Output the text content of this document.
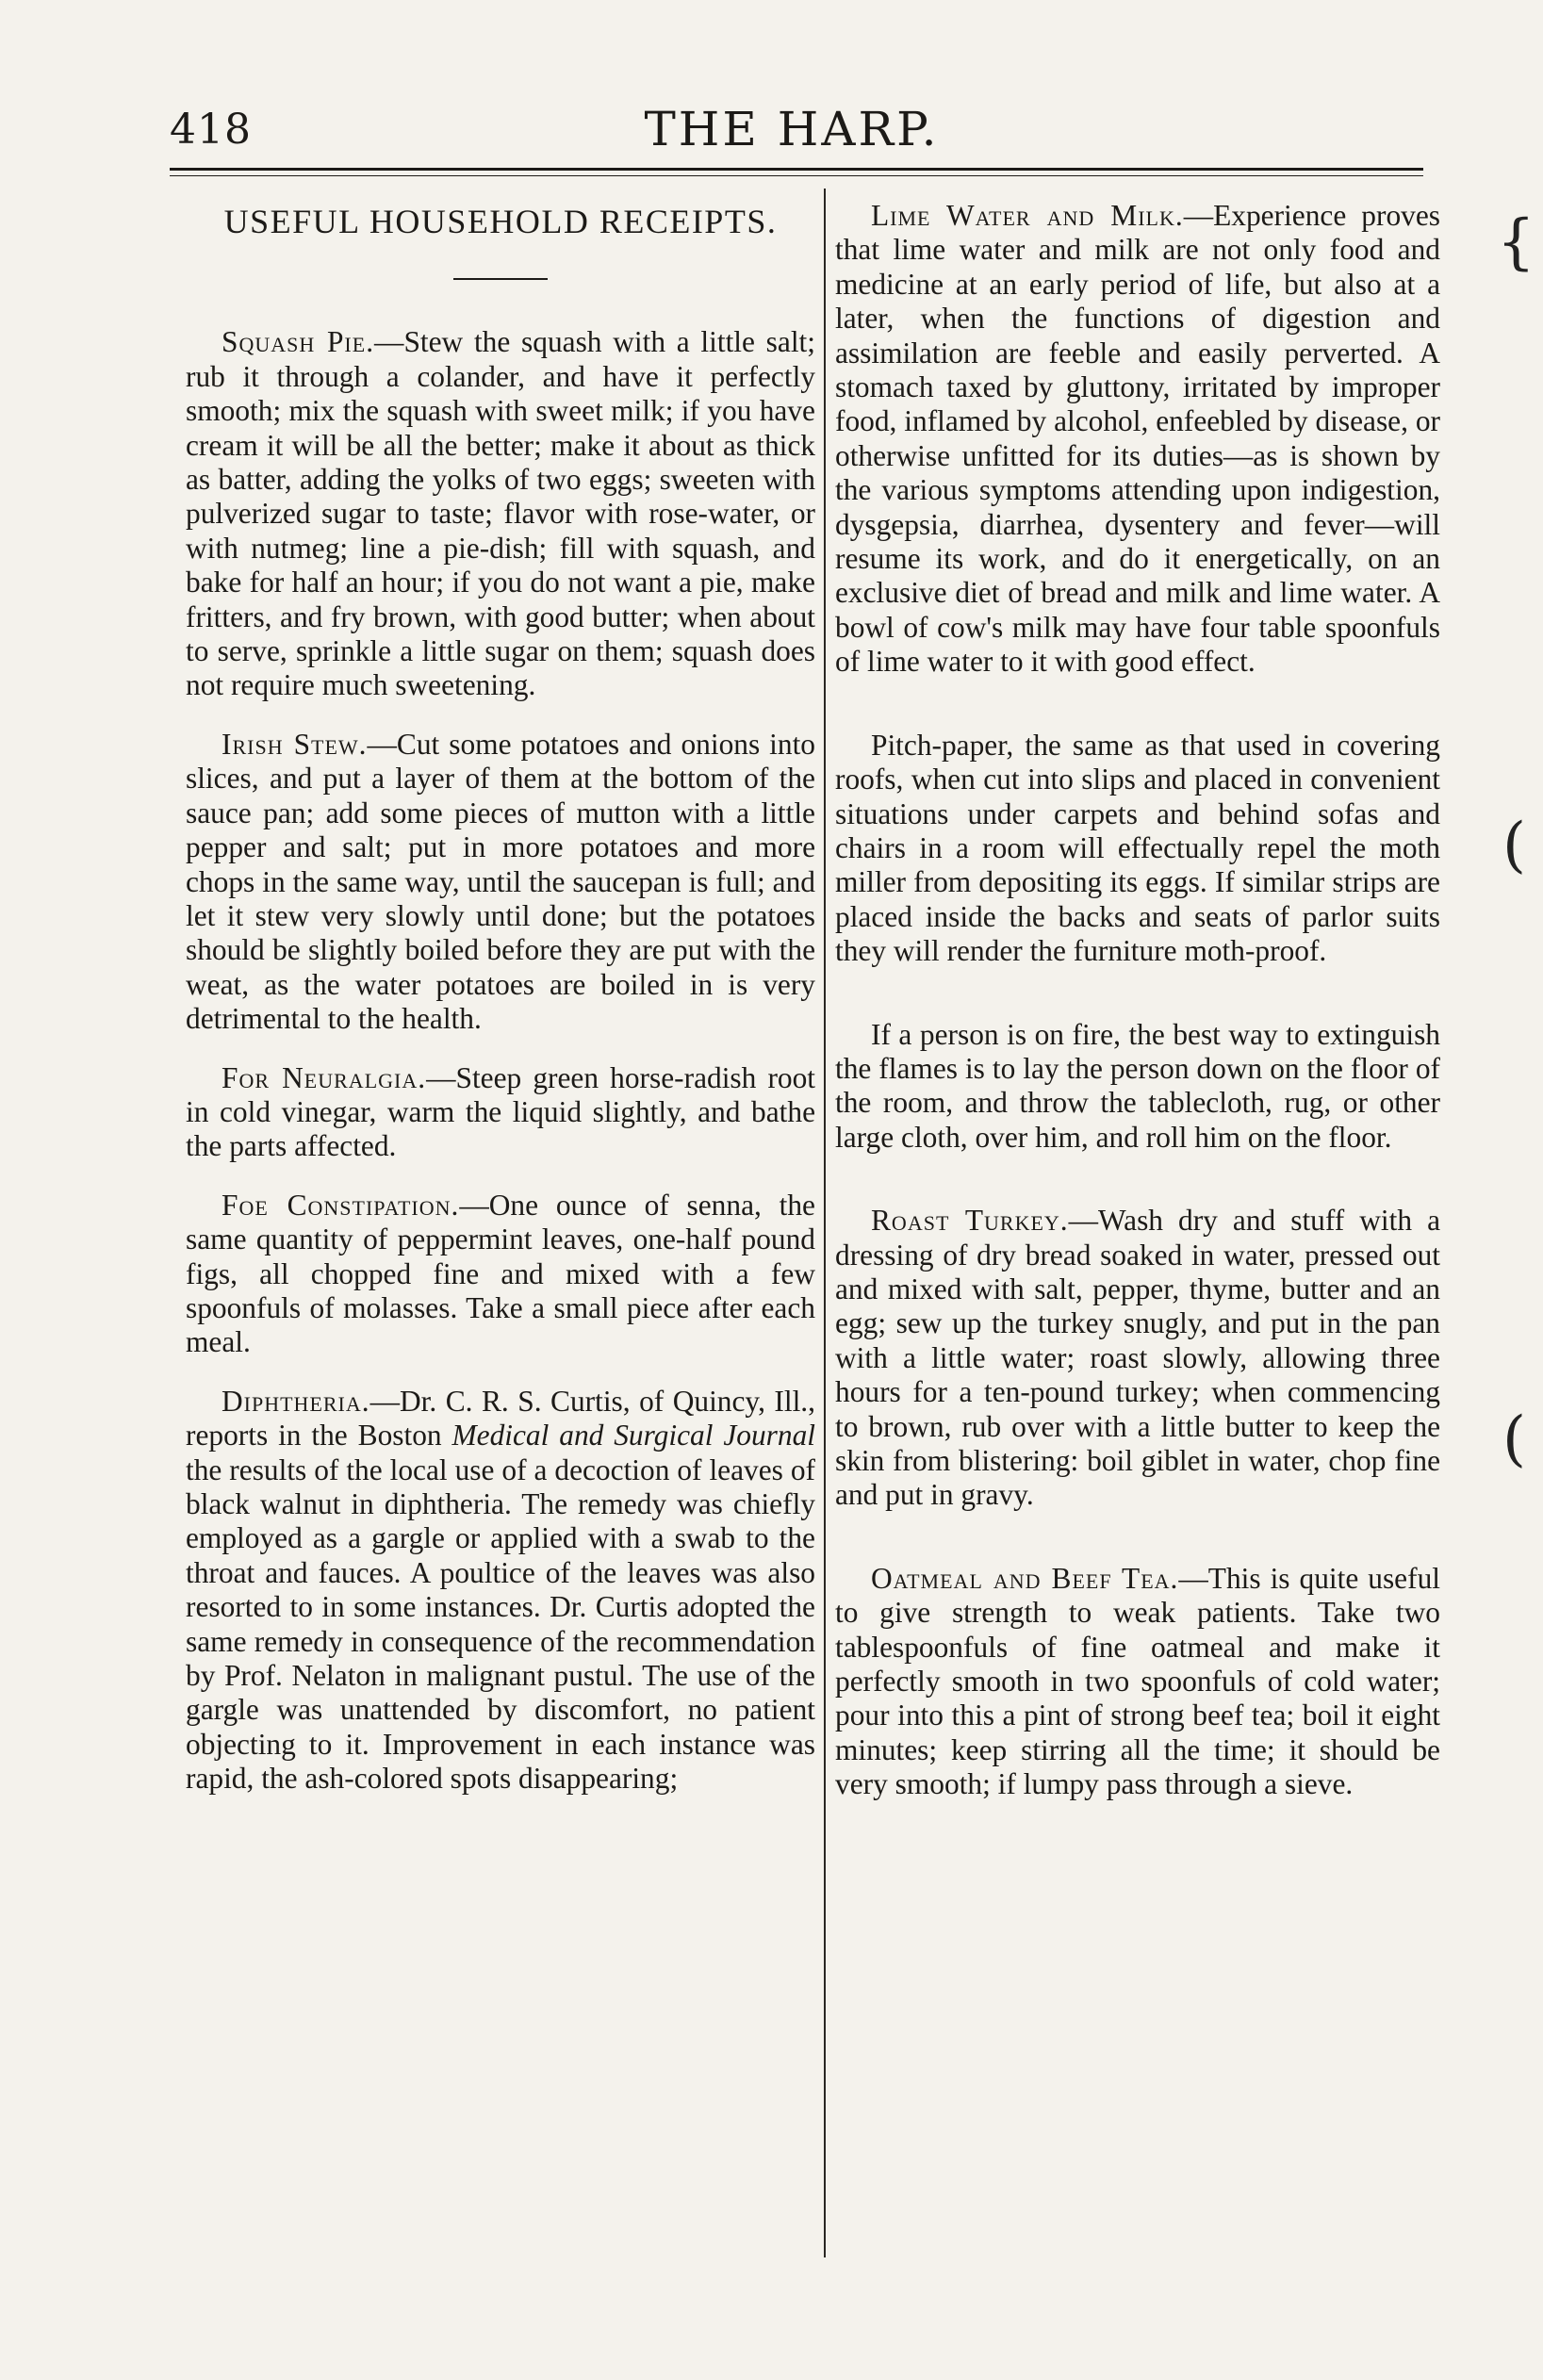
418	THE HARP.
USEFUL HOUSEHOLD RECEIPTS.

Squash Pie.—Stew the squash with a little salt; rub it through a colander, and have it perfectly smooth; mix the squash with sweet milk; if you have cream it will be all the better; make it about as thick as batter, adding the yolks of two eggs; sweeten with pulverized sugar to taste; flavor with rose-water, or with nutmeg; line a pie-dish; fill with squash, and bake for half an hour; if you do not want a pie, make fritters, and fry brown, with good butter; when about to serve, sprinkle a little sugar on them; squash does not require much sweetening.

Irish Stew.—Cut some potatoes and onions into slices, and put a layer of them at the bottom of the sauce pan; add some pieces of mutton with a little pepper and salt; put in more potatoes and more chops in the same way, until the saucepan is full; and let it stew very slowly until done; but the potatoes should be slightly boiled before they are put with the weat, as the water potatoes are boiled in is very detrimental to the health.

For Neuralgia.—Steep green horse-radish root in cold vinegar, warm the liquid slightly, and bathe the parts affected.

Foe Constipation.—One ounce of senna, the same quantity of peppermint leaves, one-half pound figs, all chopped fine and mixed with a few spoonfuls of molasses. Take a small piece after each meal.

Diphtheria.—Dr. C. R. S. Curtis, of Quincy, Ill., reports in the Boston Medical and Surgical Journal the results of the local use of a decoction of leaves of black walnut in diphtheria. The remedy was chiefly employed as a gargle or applied with a swab to the throat and fauces. A poultice of the leaves was also resorted to in some instances. Dr. Curtis adopted the same remedy in consequence of the recommendation by Prof. Nelaton in malignant pustul. The use of the gargle was unattended by discomfort, no patient objecting to it. Improvement in each instance was rapid, the ash-colored spots disappearing;

Lime Water and Milk.—Experience proves that lime water and milk are not only food and medicine at an early period of life, but also at a later, when the functions of digestion and assimilation are feeble and easily perverted. A stomach taxed by gluttony, irritated by improper food, inflamed by alcohol, enfeebled by disease, or otherwise unfitted for its duties—as is shown by the various symptoms attending upon indigestion, dysgepsia, diarrhea, dysentery and fever—will resume its work, and do it energetically, on an exclusive diet of bread and milk and lime water. A bowl of cow's milk may have four table spoonfuls of lime water to it with good effect.

Pitch-paper, the same as that used in covering roofs, when cut into slips and placed in convenient situations under carpets and behind sofas and chairs in a room will effectually repel the moth miller from depositing its eggs. If similar strips are placed inside the backs and seats of parlor suits they will render the furniture moth-proof.

If a person is on fire, the best way to extinguish the flames is to lay the person down on the floor of the room, and throw the tablecloth, rug, or other large cloth, over him, and roll him on the floor.

Roast Turkey.—Wash dry and stuff with a dressing of dry bread soaked in water, pressed out and mixed with salt, pepper, thyme, butter and an egg; sew up the turkey snugly, and put in the pan with a little water; roast slowly, allowing three hours for a ten-pound turkey; when commencing to brown, rub over with a little butter to keep the skin from blistering: boil giblet in water, chop fine and put in gravy.

Oatmeal and Beef Tea.—This is quite useful to give strength to weak patients. Take two tablespoonfuls of fine oatmeal and make it perfectly smooth in two spoonfuls of cold water; pour into this a pint of strong beef tea; boil it eight minutes; keep stirring all the time; it should be very smooth; if lumpy pass through a sieve.

{
(
(
